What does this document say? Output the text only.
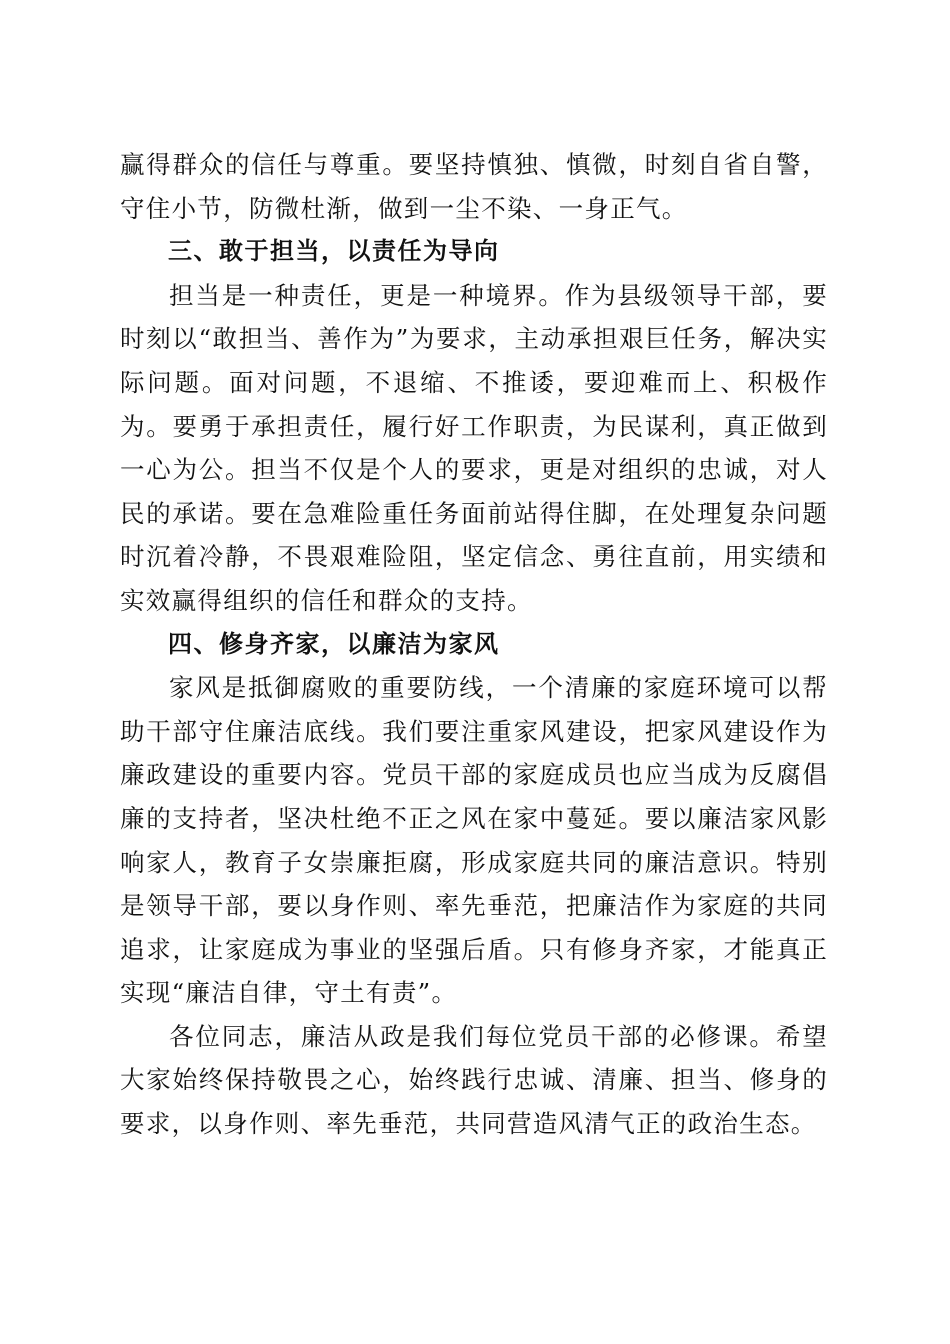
赢得群众的信任与尊重。要坚持慎独、慎微，时刻自省自警，守住小节，防微杜渐，做到一尘不染、一身正气。

三、敢于担当，以责任为导向

担当是一种责任，更是一种境界。作为县级领导干部，要时刻以“敢担当、善作为”为要求，主动承担艰巨任务，解决实际问题。面对问题，不退缩、不推诿，要迎难而上、积极作为。要勇于承担责任，履行好工作职责，为民谋利，真正做到一心为公。担当不仅是个人的要求，更是对组织的忠诚，对人民的承诺。要在急难险重任务面前站得住脚，在处理复杂问题时沉着冷静，不畏艰难险阻，坚定信念、勇往直前，用实绩和实效赢得组织的信任和群众的支持。

四、修身齐家，以廉洁为家风

家风是抵御腐败的重要防线，一个清廉的家庭环境可以帮助干部守住廉洁底线。我们要注重家风建设，把家风建设作为廉政建设的重要内容。党员干部的家庭成员也应当成为反腐倡廉的支持者，坚决杜绝不正之风在家中蔓延。要以廉洁家风影响家人，教育子女崇廉拒腐，形成家庭共同的廉洁意识。特别是领导干部，要以身作则、率先垂范，把廉洁作为家庭的共同追求，让家庭成为事业的坚强后盾。只有修身齐家，才能真正实现“廉洁自律，守土有责”。

各位同志，廉洁从政是我们每位党员干部的必修课。希望大家始终保持敬畏之心，始终践行忠诚、清廉、担当、修身的要求，以身作则、率先垂范，共同营造风清气正的政治生态。
